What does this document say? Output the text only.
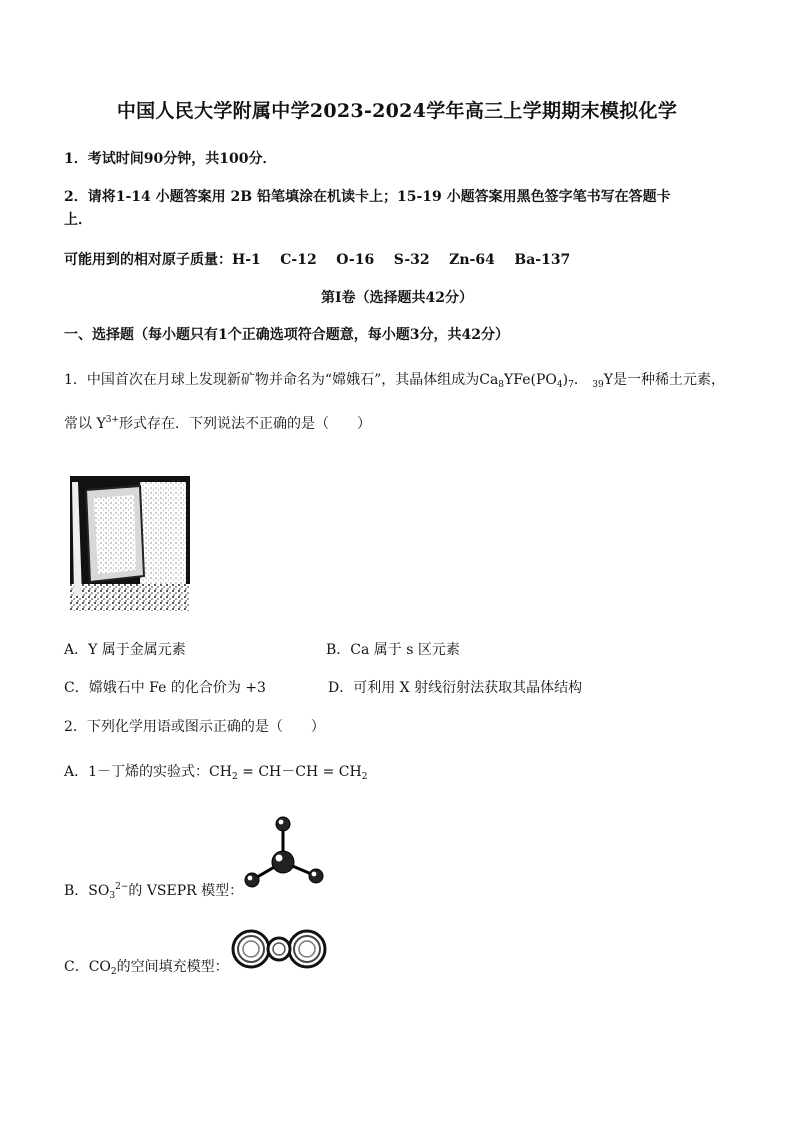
中国人民大学附属中学2023-2024学年高三上学期期末模拟化学
1．考试时间90分钟，共100分．
2．请将1-14 小题答案用 2B 铅笔填涂在机读卡上；15-19 小题答案用黑色签字笔书写在答题卡
上．
可能用到的相对原子质量：H-1 C-12 O-16 S-32 Zn-64 Ba-137
第Ⅰ卷（选择题共42分）
一、选择题（每小题只有1个正确选项符合题意，每小题3分，共42分）
1．中国首次在月球上发现新矿物并命名为“嫦娥石”，其晶体组成为$Ca_8YFe(PO_4)_7$． $_{39}$Y是一种稀土元素，
常以 $Y^{3+}$形式存在．下列说法不正确的是（　　）
A．Y 属于金属元素	B．Ca 属于 s 区元素
C．嫦娥石中 Fe 的化合价为 +3	D．可利用 X 射线衍射法获取其晶体结构
2．下列化学用语或图示正确的是（　　）
A．1－丁烯的实验式：$CH_2 = CH-CH = CH_2$
B．$SO_3^{2-}$的 VSEPR 模型：
C．$CO_2$的空间填充模型：
